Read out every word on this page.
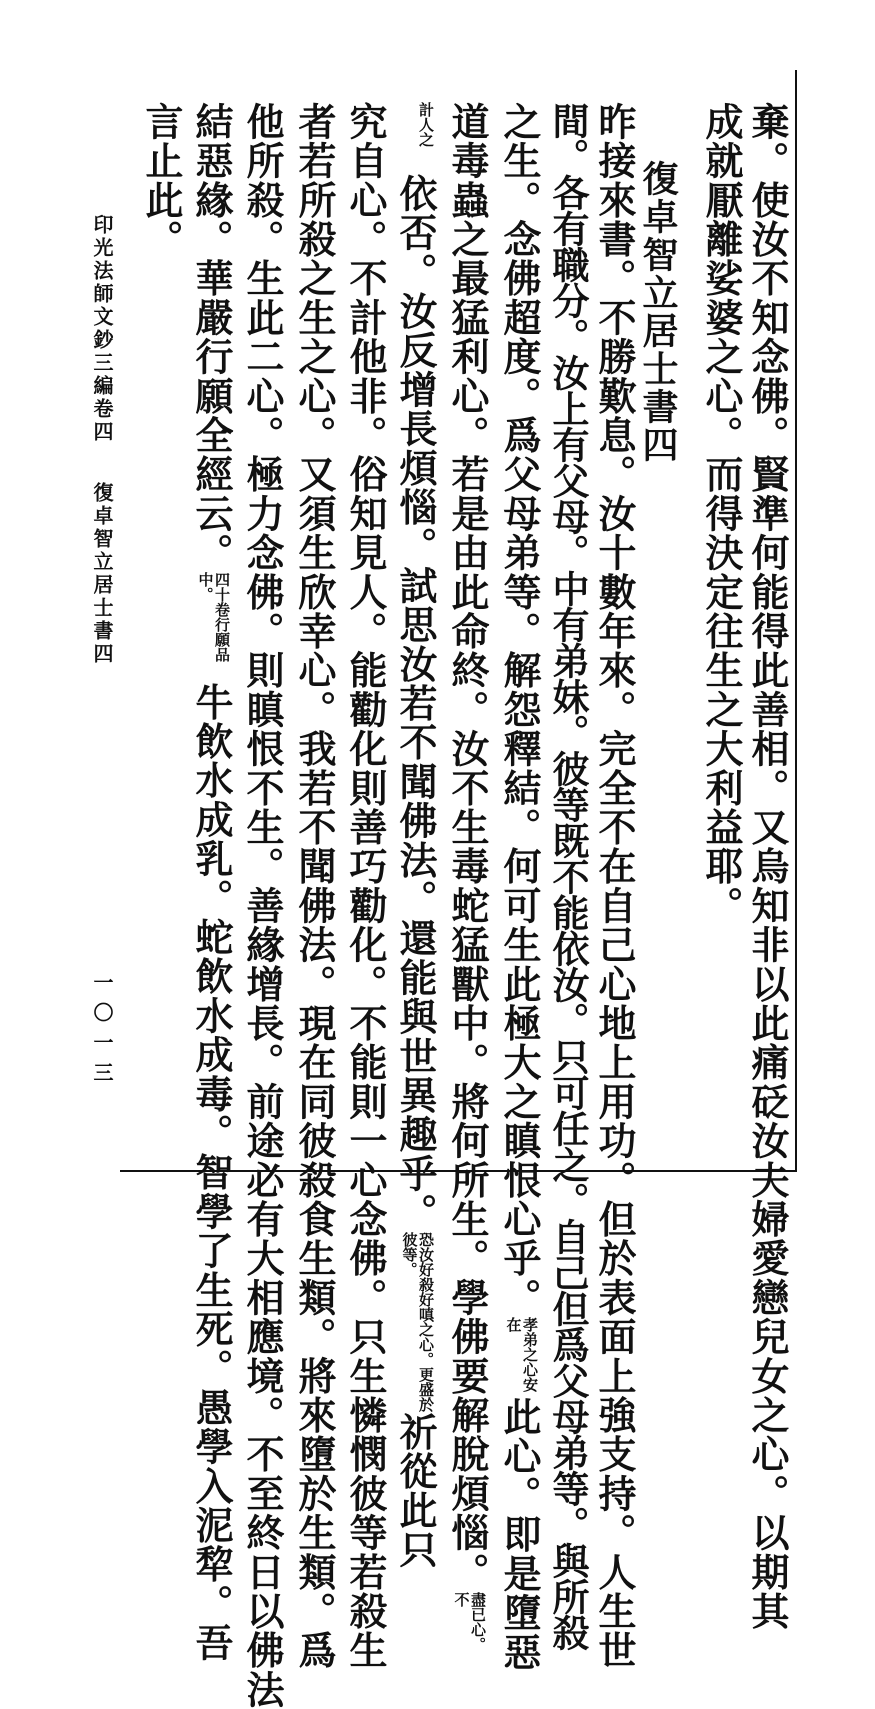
印光法師文鈔三編卷四
復卓智立居士書四
一〇一三	棄。使汝不知念佛。賢準何能得此善相。又烏知非以此痛砭汝夫婦愛戀兒女之心。以期其
成就厭離娑婆之心。而得決定往生之大利益耶。
復卓智立居士書四
昨接來書。不勝歎息。汝十數年來。完全不在自己心地上用功。但於表面上強支持。人生世
間。各有職分。汝上有父母。中有弟妹。彼等既不能依汝。只可任之。自己但爲父母弟等。與所殺
之生。念佛超度。爲父母弟等。解怨釋結。何可生此極大之瞋恨心乎。孝弟之心安在此心。即是墮惡
道毒蟲之最猛利心。若是由此命終。汝不生毒蛇猛獸中。將何所生。學佛要解脫煩惱。盡已心。不
計人之依否。汝反增長煩惱。試思汝若不聞佛法。還能與世異趣乎。恐汝好殺好嗔之心。更盛於彼等。祈從此只
究自心。不計他非。俗知見人。能勸化則善巧勸化。不能則一心念佛。只生憐憫彼等若殺生
者若所殺之生之心。又須生欣幸心。我若不聞佛法。現在同彼殺食生類。將來墮於生類。爲
他所殺。生此二心。極力念佛。則瞋恨不生。善緣增長。前途必有大相應境。不至終日以佛法
結惡緣。華嚴行願全經云。四十卷行願品中。牛飲水成乳。蛇飲水成毒。智學了生死。愚學入泥犂。吾
言止此。
